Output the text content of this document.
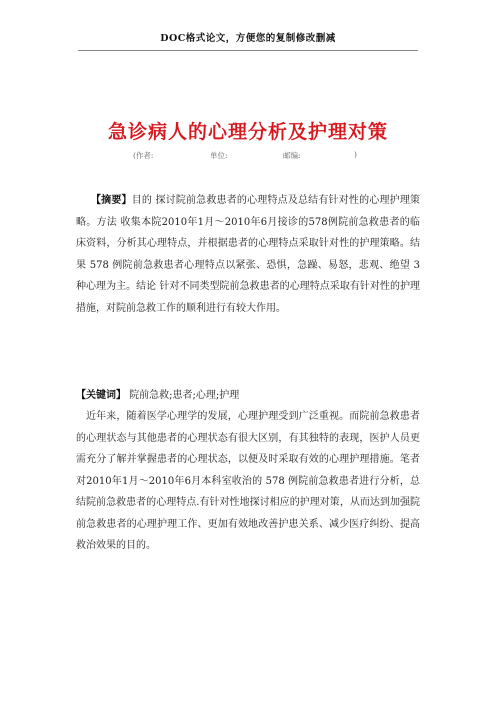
DOC格式论文，方便您的复制修改删减
急诊病人的心理分析及护理对策
(作者:	单位:	邮编:	)
【摘要】目的 探讨院前急救患者的心理特点及总结有针对性的心理护理策略。方法 收集本院2010年1月～2010年6月接诊的578例院前急救患者的临床资料，分析其心理特点，并根据患者的心理特点采取针对性的护理策略。结果 578 例院前急救患者心理特点以紧张、恐惧，急躁、易怒，悲观、绝望 3 种心理为主。结论 针对不同类型院前急救患者的心理特点采取有针对性的护理措施，对院前急救工作的顺利进行有较大作用。
【关键词】 院前急救;患者;心理;护理
近年来，随着医学心理学的发展，心理护理受到广泛重视。而院前急救患者的心理状态与其他患者的心理状态有很大区别，有其独特的表现，医护人员更需充分了解并掌握患者的心理状态，以便及时采取有效的心理护理措施。笔者对2010年1月～2010年6月本科室收治的 578 例院前急救患者进行分析，总结院前急救患者的心理特点.有针对性地探讨相应的护理对策，从而达到加强院前急救患者的心理护理工作、更加有效地改善护患关系、减少医疗纠纷、提高救治效果的目的。
